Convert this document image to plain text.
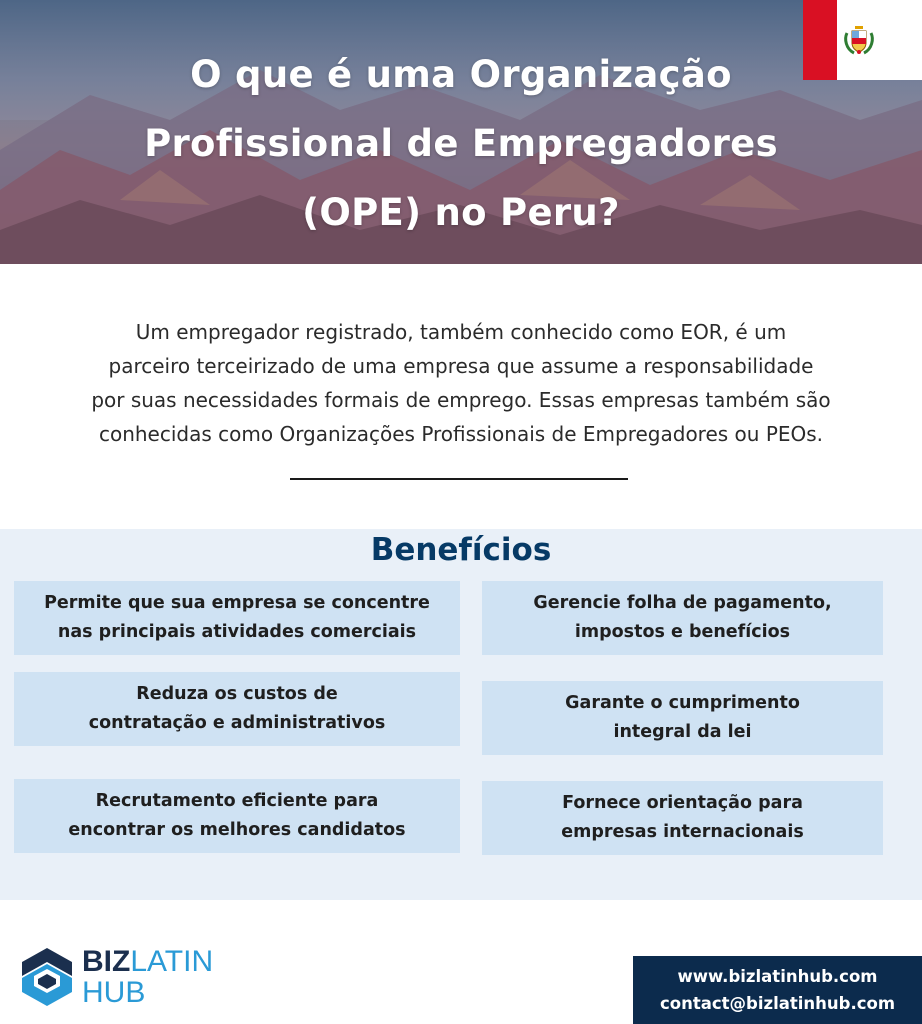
O que é uma Organização
Profissional de Empregadores
(OPE) no Peru?
Um empregador registrado, também conhecido como EOR, é um
parceiro terceirizado de uma empresa que assume a responsabilidade
por suas necessidades formais de emprego. Essas empresas também são
conhecidas como Organizações Profissionais de Empregadores ou PEOs.
Benefícios
Permite que sua empresa se concentre
nas principais atividades comerciais
Gerencie folha de pagamento,
impostos e benefícios
Reduza os custos de
contratação e administrativos
Garante o cumprimento
integral da lei
Recrutamento eficiente para
encontrar os melhores candidatos
Fornece orientação para
empresas internacionais
BIZLATIN
HUB	www.bizlatinhub.com
contact@bizlatinhub.com
